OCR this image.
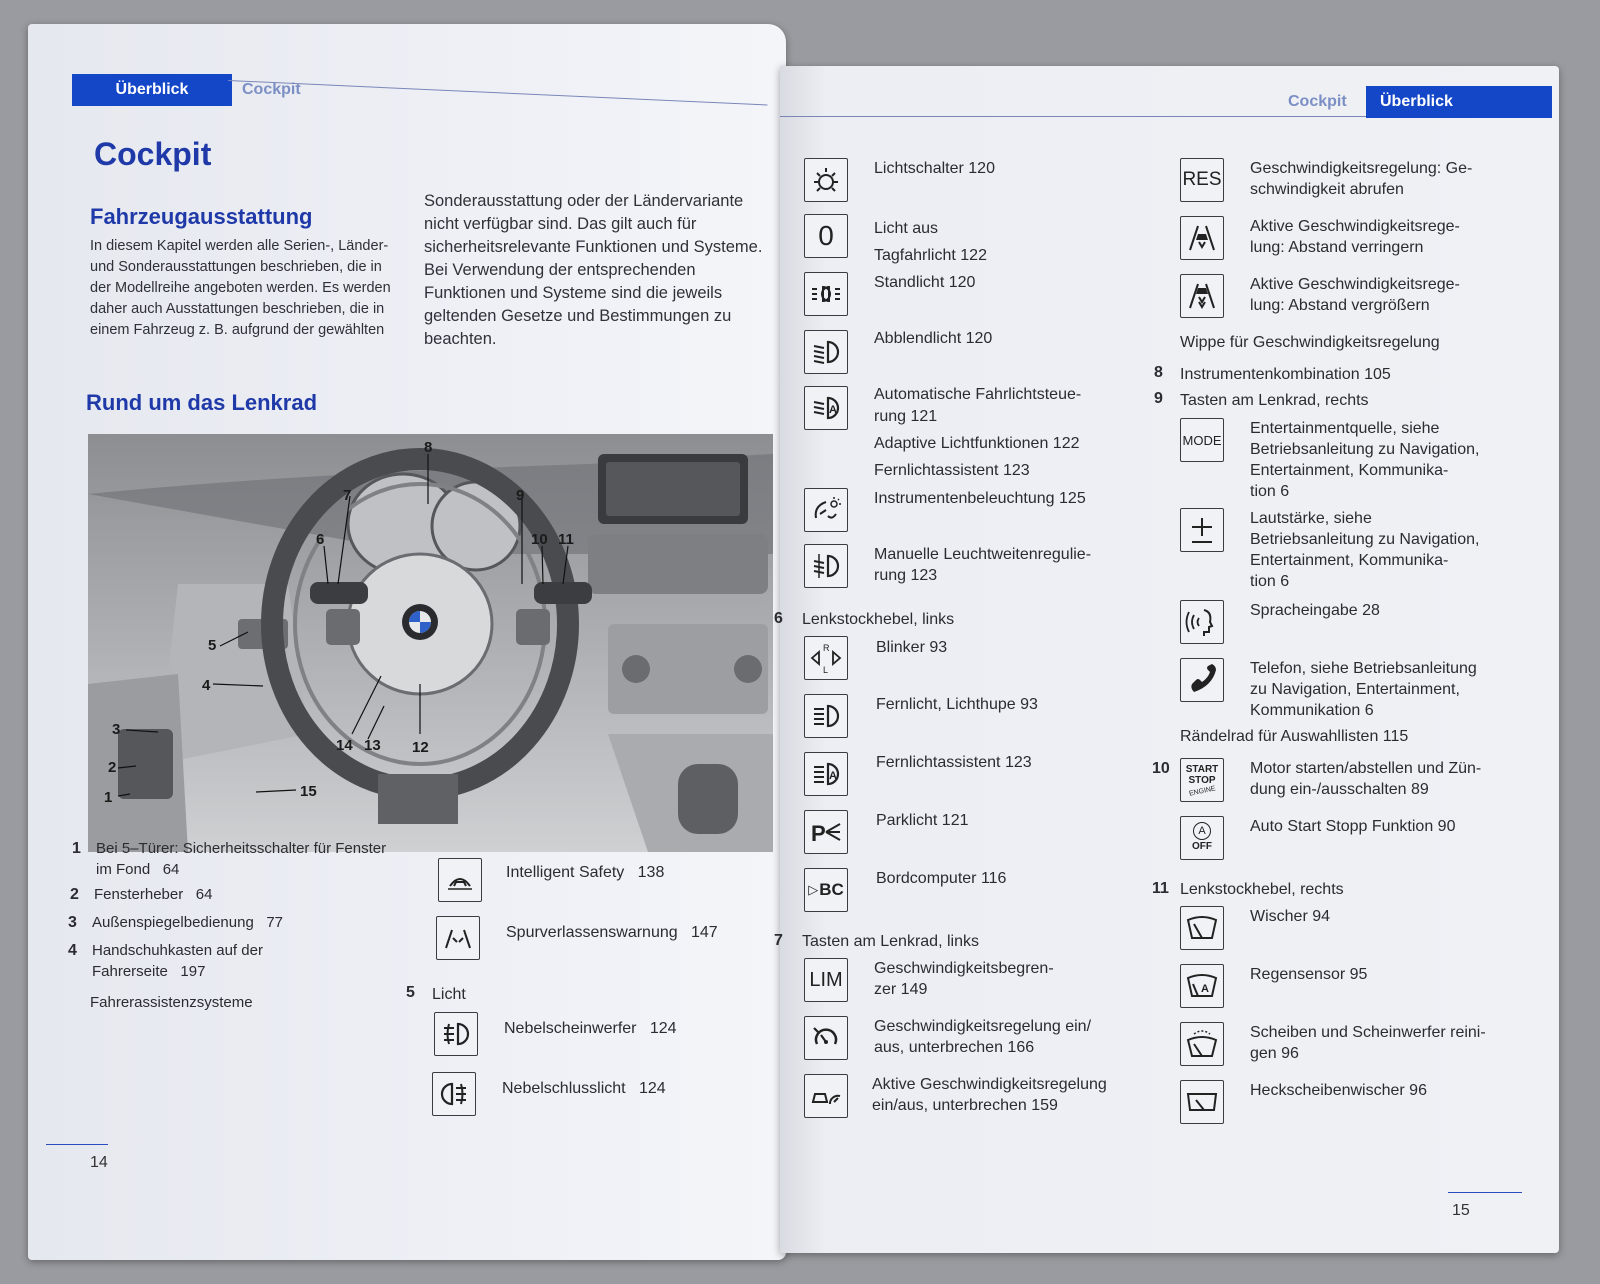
Überblick	Cockpit
Cockpit
Fahrzeugausstattung
In diesem Kapitel werden alle Serien-, Länder- und Sonderausstattungen beschrieben, die in der Modellreihe angeboten werden. Es werden daher auch Ausstattungen beschrieben, die in einem Fahrzeug z. B. aufgrund der gewählten
Sonderausstattung oder der Ländervariante nicht verfügbar sind. Das gilt auch für sicherheitsrelevante Funktionen und Systeme. Bei Verwendung der entsprechenden Funktionen und Systeme sind die jeweils geltenden Gesetze und Bestimmungen zu beachten.
Rund um das Lenkrad
8
7
6
9
10 11
12
13
14
15
5
4
3
2
1
1 Bei 5–Türer: Sicherheitsschalter für Fenster im Fond 64
2 Fensterheber 64
3 Außenspiegelbedienung 77
4 Handschuhkasten auf der Fahrerseite 197
Fahrerassistenzsysteme
Intelligent Safety 138
Spurverlassenswarnung 147
5 Licht
Nebelscheinwerfer 124
Nebelschlusslicht 124
14
Cockpit Überblick
Lichtschalter 120
0	Licht aus
Tagfahrlicht 122
Standlicht 120
Abblendlicht 120
A
Automatische Fahrlichtsteue-
rung 121
Adaptive Lichtfunktionen 122
Fernlichtassistent 123
Instrumentenbeleuchtung 125
Manuelle Leuchtweitenregulie-
rung 123
6 Lenkstockhebel, links
R
L
Blinker 93
Fernlicht, Lichthupe 93
A
Fernlichtassistent 123
P
Parklicht 121
▷ BC
Bordcomputer 116
7 Tasten am Lenkrad, links
LIM Geschwindigkeitsbegren-
zer 149
Geschwindigkeitsregelung ein/
aus, unterbrechen 166
Aktive Geschwindigkeitsregelung
ein/aus, unterbrechen 159
RES
Geschwindigkeitsregelung: Ge-
schwindigkeit abrufen
Aktive Geschwindigkeitsrege-
lung: Abstand verringern
Aktive Geschwindigkeitsrege-
lung: Abstand vergrößern
Wippe für Geschwindigkeitsregelung
8 Instrumentenkombination 105
9 Tasten am Lenkrad, rechts
MODE
Entertainmentquelle, siehe
Betriebsanleitung zu Navigation,
Entertainment, Kommunika-
tion 6
Lautstärke, siehe
Betriebsanleitung zu Navigation,
Entertainment, Kommunika-
tion 6
Spracheingabe 28
Telefon, siehe Betriebsanleitung
zu Navigation, Entertainment,
Kommunikation 6
Rändelrad für Auswahllisten 115
10 START
STOP
ENGINE
Motor starten/abstellen und Zün-
dung ein-/ausschalten 89
A
OFF
Auto Start Stopp Funktion 90
11 Lenkstockhebel, rechts
Wischer 94
A
Regensensor 95
Scheiben und Scheinwerfer reini-
gen 96
Heckscheibenwischer 96
15
